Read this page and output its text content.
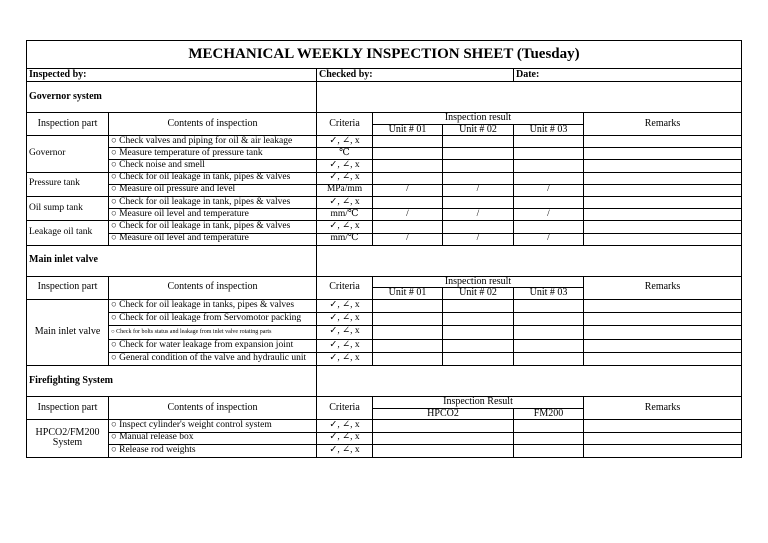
MECHANICAL WEEKLY INSPECTION SHEET (Tuesday)						
Inspected by:		Checked by:			Date:	
Governor system						
Inspection part	Contents of inspection	Criteria	Inspection result			Remarks
			Unit # 01	Unit # 02	Unit # 03	
Governor	○ Check valves and piping for oil & air leakage	✓, ∠, x				
	○ Measure temperature of pressure tank	℃				
	○ Check noise and smell	✓, ∠, x				
Pressure tank	○ Check for oil leakage in tank, pipes & valves	✓, ∠, x				
	○ Measure oil pressure and level	MPa/mm	/	/	/	
Oil sump tank	○ Check for oil leakage in tank, pipes & valves	✓, ∠, x				
	○ Measure oil level and temperature	mm/℃	/	/	/	
Leakage oil tank	○ Check for oil leakage in tank, pipes & valves	✓, ∠, x				
	○ Measure oil level and temperature	mm/℃	/	/	/	
Main inlet valve						
Inspection part	Contents of inspection	Criteria	Inspection result			Remarks
			Unit # 01	Unit # 02	Unit # 03	
Main inlet valve	○ Check for oil leakage in tanks, pipes & valves	✓, ∠, x				
	○ Check for oil leakage from Servomotor packing	✓, ∠, x				
	○ Check for bolts status and leakage from inlet valve rotating parts	✓, ∠, x				
	○ Check for water leakage from expansion joint	✓, ∠, x				
	○ General condition of the valve and hydraulic unit	✓, ∠, x				
Firefighting System						
Inspection part	Contents of inspection	Criteria	Inspection Result			Remarks
			HPCO2		FM200	
HPCO2/FM200 System	○ Inspect cylinder's weight control system	✓, ∠, x				
	○ Manual release box	✓, ∠, x				
	○ Release rod weights	✓, ∠, x				
